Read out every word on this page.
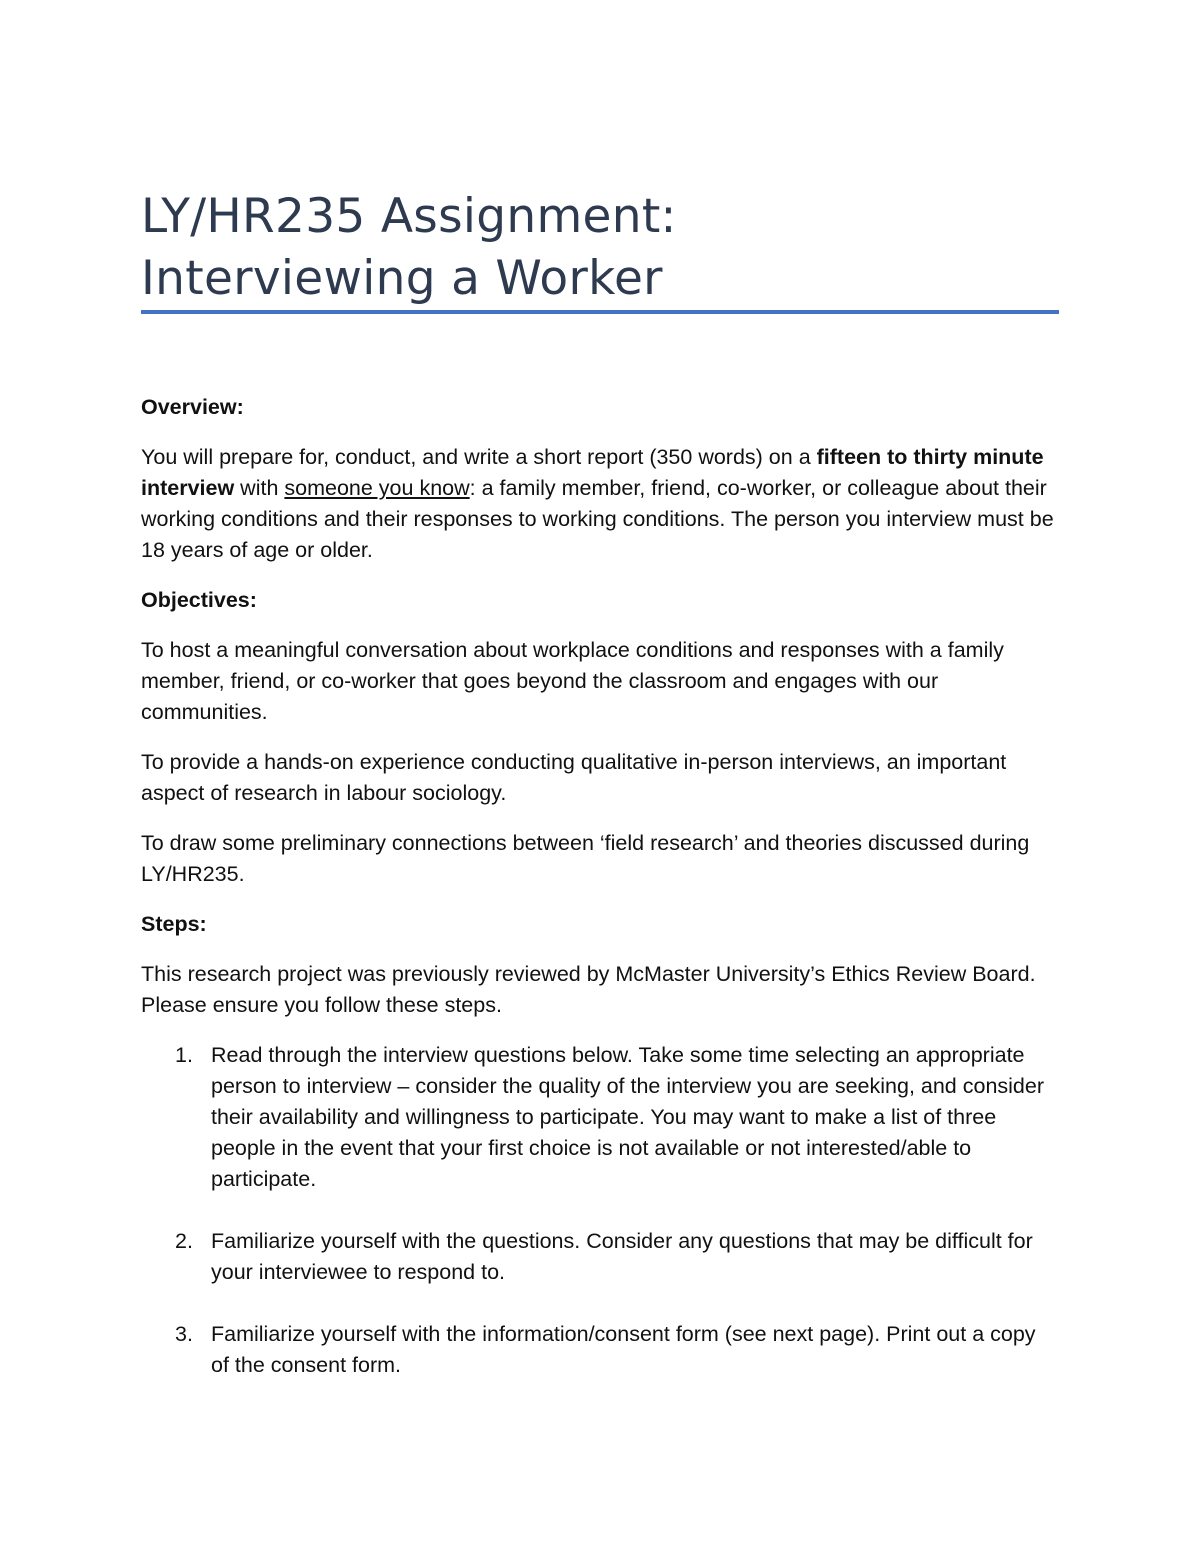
LY/HR235 Assignment:
Interviewing a Worker
Overview:

You will prepare for, conduct, and write a short report (350 words) on a fifteen to thirty minute interview with someone you know: a family member, friend, co-worker, or colleague about their working conditions and their responses to working conditions. The person you interview must be 18 years of age or older.

Objectives:

To host a meaningful conversation about workplace conditions and responses with a family member, friend, or co-worker that goes beyond the classroom and engages with our communities.

To provide a hands-on experience conducting qualitative in-person interviews, an important aspect of research in labour sociology.

To draw some preliminary connections between ‘field research’ and theories discussed during LY/HR235.

Steps:

This research project was previously reviewed by McMaster University’s Ethics Review Board. Please ensure you follow these steps.

1. Read through the interview questions below. Take some time selecting an appropriate person to interview – consider the quality of the interview you are seeking, and consider their availability and willingness to participate. You may want to make a list of three people in the event that your first choice is not available or not interested/able to participate.
2. Familiarize yourself with the questions. Consider any questions that may be difficult for your interviewee to respond to.
3. Familiarize yourself with the information/consent form (see next page). Print out a copy of the consent form.
